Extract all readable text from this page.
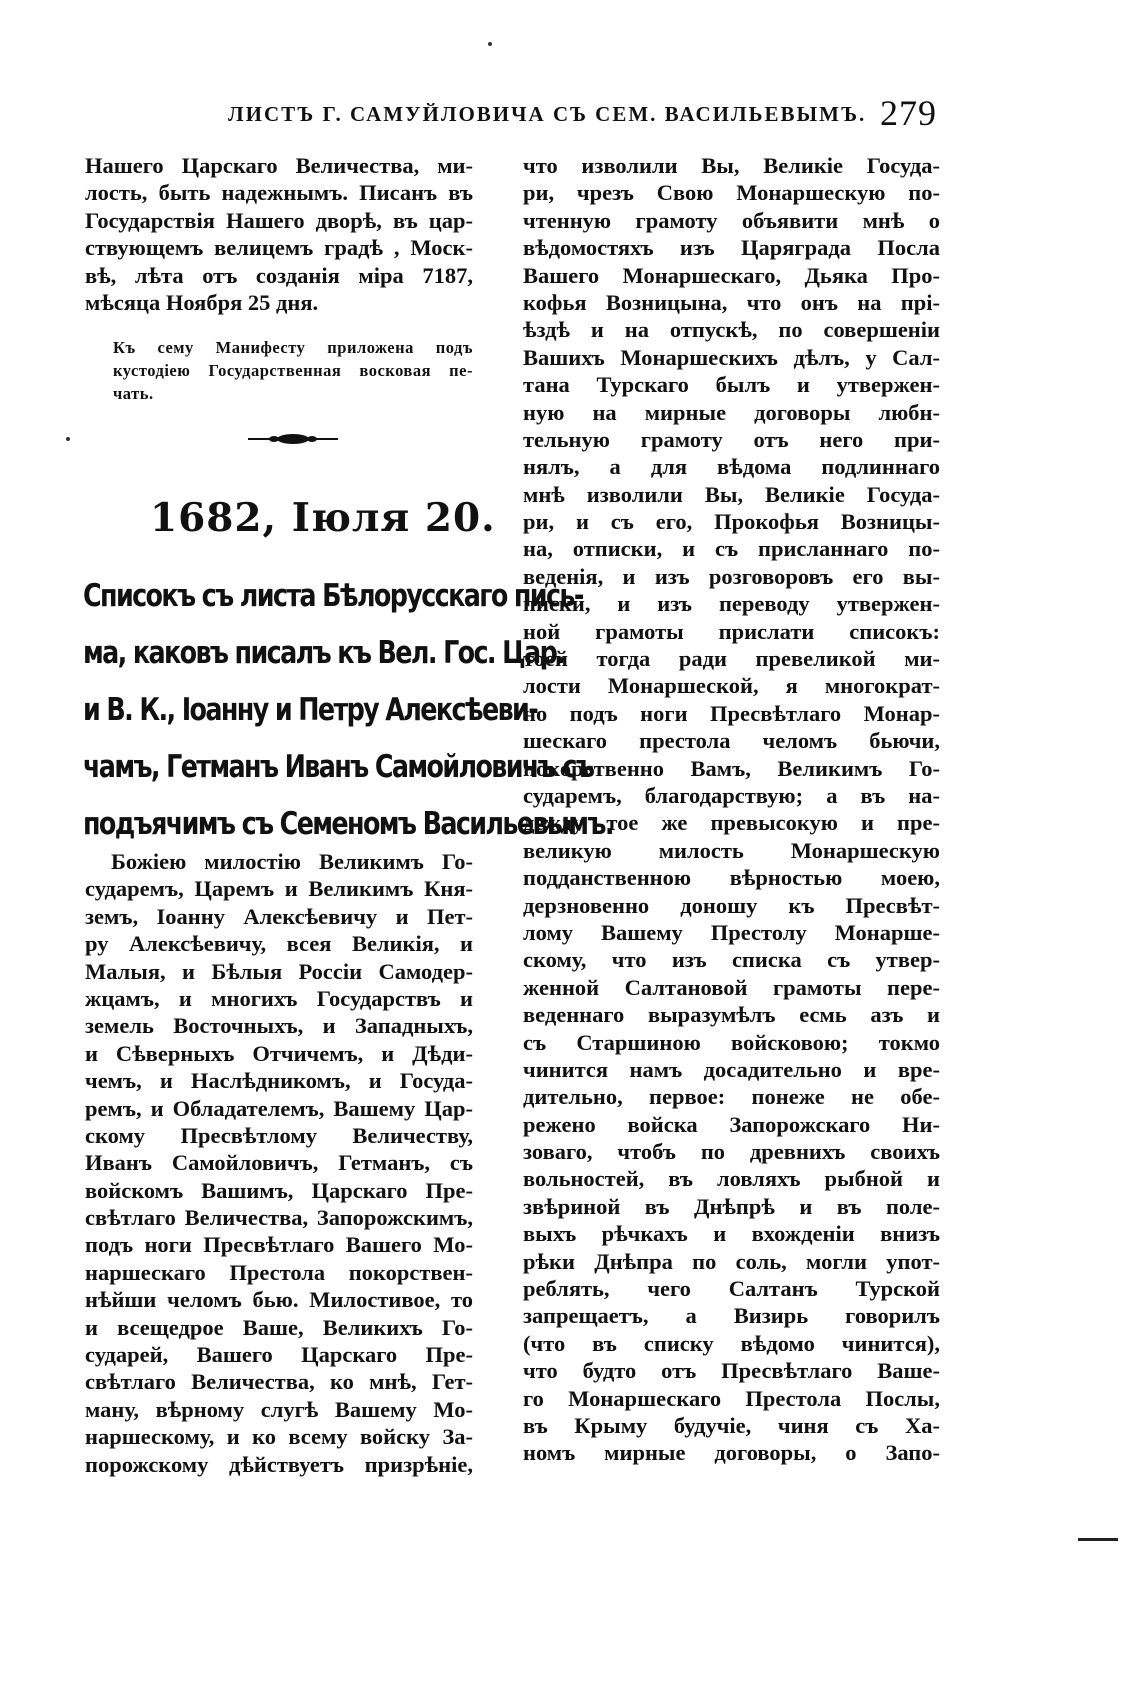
ЛИСТЪ Г. САМУЙЛОВИЧА СЪ СЕМ. ВАСИЛЬЕВЫМЪ. 279
Нашего Царскаго Величества, ми-
лость, быть надежнымъ. Писанъ въ
Государствія Нашего дворѣ, въ цар-
ствующемъ велицемъ градѣ , Моск-
вѣ, лѣта отъ созданія міра 7187,
мѣсяца Ноября 25 дня.
Къ сему Манифесту приложена подъ
кустодіею Государственная восковая пе-
чать.
1682, Іюля 20.
Списокъ съ листа Бѣлорусскаго пись-
ма, каковъ писалъ къ Вел. Гос. Цар.
и В. К., Іоанну и Петру Алексѣеви-
чамъ, Гетманъ Иванъ Самойловичъ съ
подъячимъ съ Семеномъ Васильевымъ.
Божіею милостію Великимъ Го-
сударемъ, Царемъ и Великимъ Кня-
земъ, Іоанну Алексѣевичу и Пет-
ру Алексѣевичу, всея Великія, и
Малыя, и Бѣлыя Россіи Самодер-
жцамъ, и многихъ Государствъ и
земель Восточныхъ, и Западныхъ,
и Сѣверныхъ Отчичемъ, и Дѣди-
чемъ, и Наслѣдникомъ, и Госуда-
ремъ, и Обладателемъ, Вашему Цар-
скому Пресвѣтлому Величеству,
Иванъ Самойловичъ, Гетманъ, съ
войскомъ Вашимъ, Царскаго Пре-
свѣтлаго Величества, Запорожскимъ,
подъ ноги Пресвѣтлаго Вашего Мо-
наршескаго Престола покорствен-
нѣйши челомъ бью. Милостивое, то
и всещедрое Ваше, Великихъ Го-
сударей, Вашего Царскаго Пре-
свѣтлаго Величества, ко мнѣ, Гет-
ману, вѣрному слугѣ Вашему Мо-
наршескому, и ко всему войску За-
порожскому дѣйствуетъ призрѣніе,
что изволили Вы, Великіе Госуда-
ри, чрезъ Свою Монаршескую по-
чтенную грамоту объявити мнѣ о
вѣдомостяхъ изъ Царяграда Посла
Вашего Монаршескаго, Дьяка Про-
кофья Возницына, что онъ на прі-
ѣздѣ и на отпускѣ, по совершеніи
Вашихъ Монаршескихъ дѣлъ, у Сал-
тана Турскаго былъ и утвержен-
ную на мирные договоры любн-
тельную грамоту отъ него при-
нялъ, а для вѣдома подлиннаго
мнѣ изволили Вы, Великіе Госуда-
ри, и съ его, Прокофья Возницы-
на, отписки, и съ присланнаго по-
веденія, и изъ розговоровъ его вы-
писки, и изъ переводу утвержен-
ной грамоты прислати списокъ:
тоей тогда ради превеликой ми-
лости Монаршеской, я многократ-
но подъ ноги Пресвѣтлаго Монар-
шескаго престола челомъ бьючи,
покорственно Вамъ, Великимъ Го-
сударемъ, благодарствую; а въ на-
дежду тое же превысокую и пре-
великую милость Монаршескую
подданственною вѣрностью моею,
дерзновенно доношу къ Пресвѣт-
лому Вашему Престолу Монарше-
скому, что изъ списка съ утвер-
женной Салтановой грамоты пере-
веденнаго выразумѣлъ есмь азъ и
съ Старшиною войсковою; токмо
чинится намъ досадительно и вре-
дительно, первое: понеже не обе-
режено войска Запорожскаго Ни-
зоваго, чтобъ по древнихъ своихъ
вольностей, въ ловляхъ рыбной и
звѣриной въ Днѣпрѣ и въ поле-
выхъ рѣчкахъ и вхожденіи внизъ
рѣки Днѣпра по соль, могли упот-
реблять, чего Салтанъ Турской
запрещаетъ, а Визирь говорилъ
(что въ списку вѣдомо чинится),
что будто отъ Пресвѣтлаго Ваше-
го Монаршескаго Престола Послы,
въ Крыму будучіе, чиня съ Ха-
номъ мирные договоры, о Запо-
